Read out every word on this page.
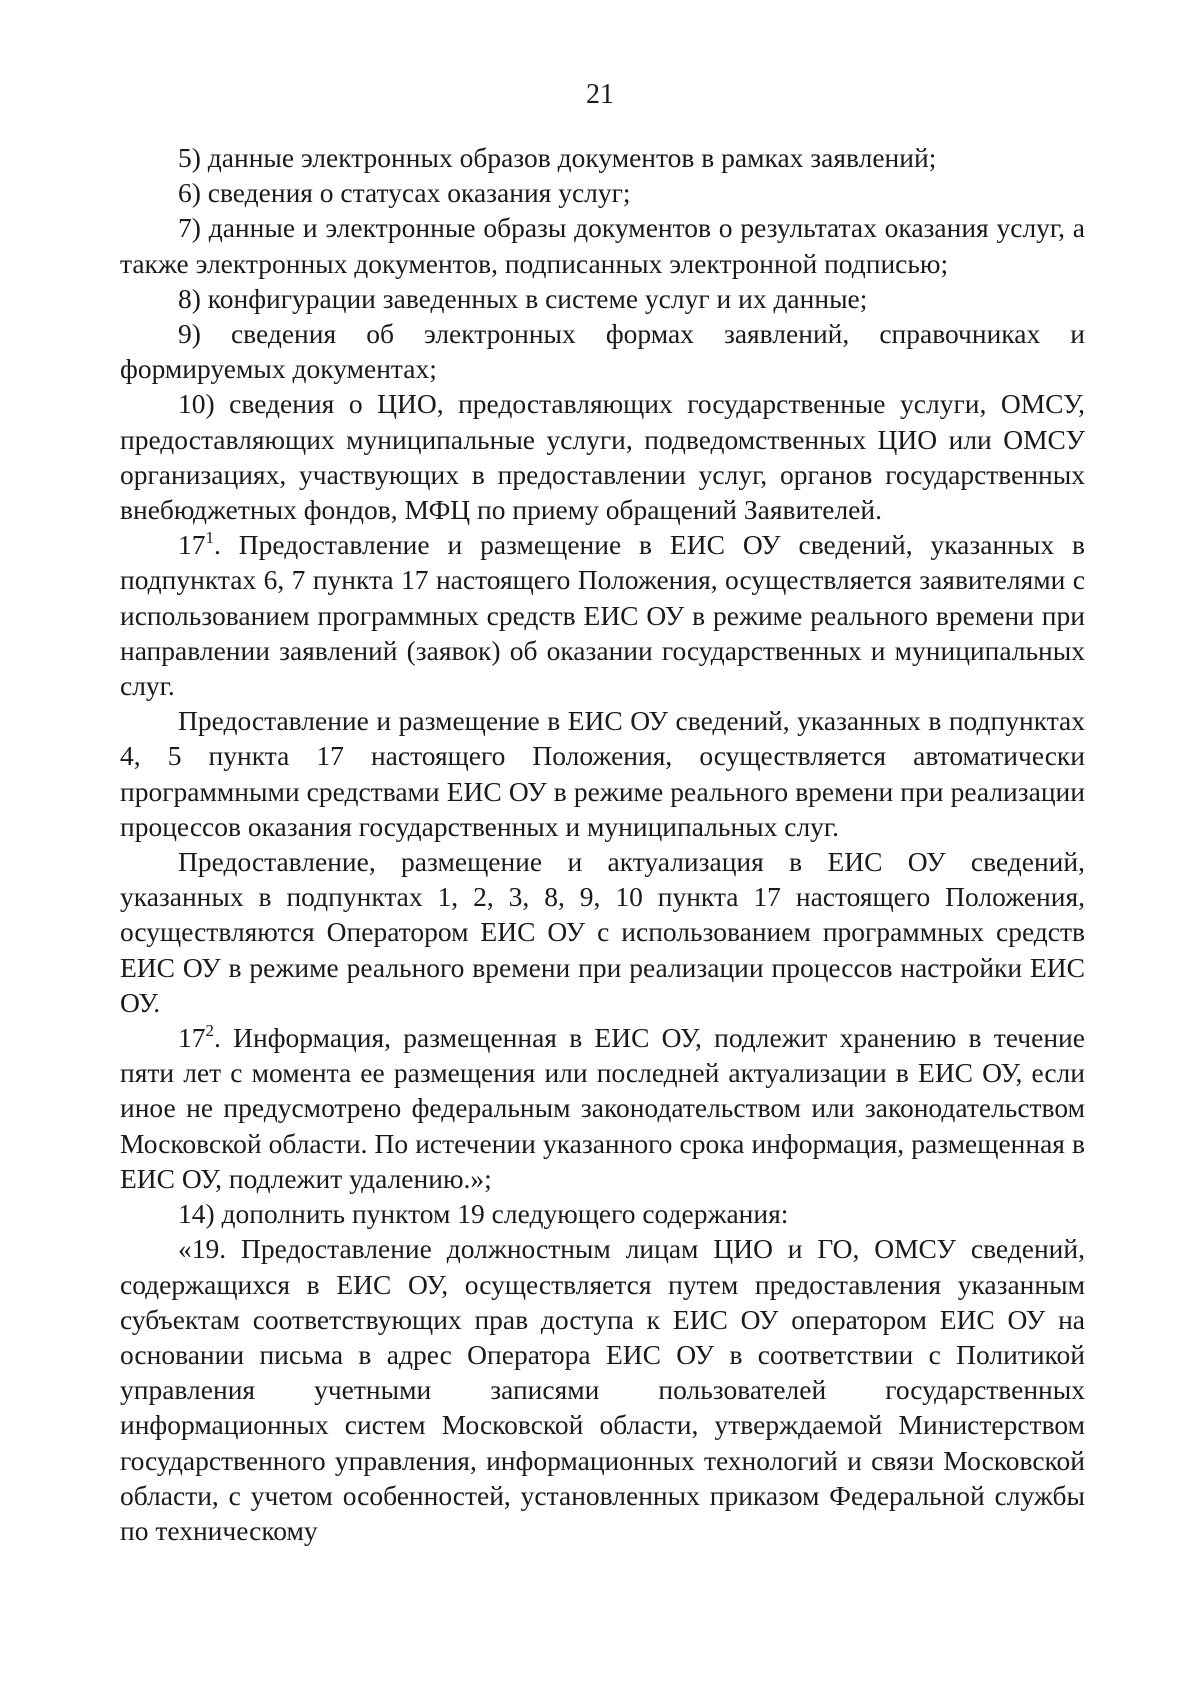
21

5) данные электронных образов документов в рамках заявлений;

6) сведения о статусах оказания услуг;

7) данные и электронные образы документов о результатах оказания услуг, а также электронных документов, подписанных электронной подписью;

8) конфигурации заведенных в системе услуг и их данные;

9) сведения об электронных формах заявлений, справочниках и формируемых документах;

10) сведения о ЦИО, предоставляющих государственные услуги, ОМСУ, предоставляющих муниципальные услуги, подведомственных ЦИО или ОМСУ организациях, участвующих в предоставлении услуг, органов государственных внебюджетных фондов, МФЦ по приему обращений Заявителей.

$17^1$. Предоставление и размещение в ЕИС ОУ сведений, указанных в подпунктах 6, 7 пункта 17 настоящего Положения, осуществляется заявителями с использованием программных средств ЕИС ОУ в режиме реального времени при направлении заявлений (заявок) об оказании государственных и муниципальных слуг.

Предоставление и размещение в ЕИС ОУ сведений, указанных в подпунктах 4, 5 пункта 17 настоящего Положения, осуществляется автоматически программными средствами ЕИС ОУ в режиме реального времени при реализации процессов оказания государственных и муниципальных слуг.

Предоставление, размещение и актуализация в ЕИС ОУ сведений, указанных в подпунктах 1, 2, 3, 8, 9, 10 пункта 17 настоящего Положения, осуществляются Оператором ЕИС ОУ с использованием программных средств ЕИС ОУ в режиме реального времени при реализации процессов настройки ЕИС ОУ.

$17^2$. Информация, размещенная в ЕИС ОУ, подлежит хранению в течение пяти лет с момента ее размещения или последней актуализации в ЕИС ОУ, если иное не предусмотрено федеральным законодательством или законодательством Московской области. По истечении указанного срока информация, размещенная в ЕИС ОУ, подлежит удалению.»;

14) дополнить пунктом 19 следующего содержания:

«19. Предоставление должностным лицам ЦИО и ГО, ОМСУ сведений, содержащихся в ЕИС ОУ, осуществляется путем предоставления указанным субъектам соответствующих прав доступа к ЕИС ОУ оператором ЕИС ОУ на основании письма в адрес Оператора ЕИС ОУ в соответствии с Политикой управления учетными записями пользователей государственных информационных систем Московской области, утверждаемой Министерством государственного управления, информационных технологий и связи Московской области, с учетом особенностей, установленных приказом Федеральной службы по техническому
